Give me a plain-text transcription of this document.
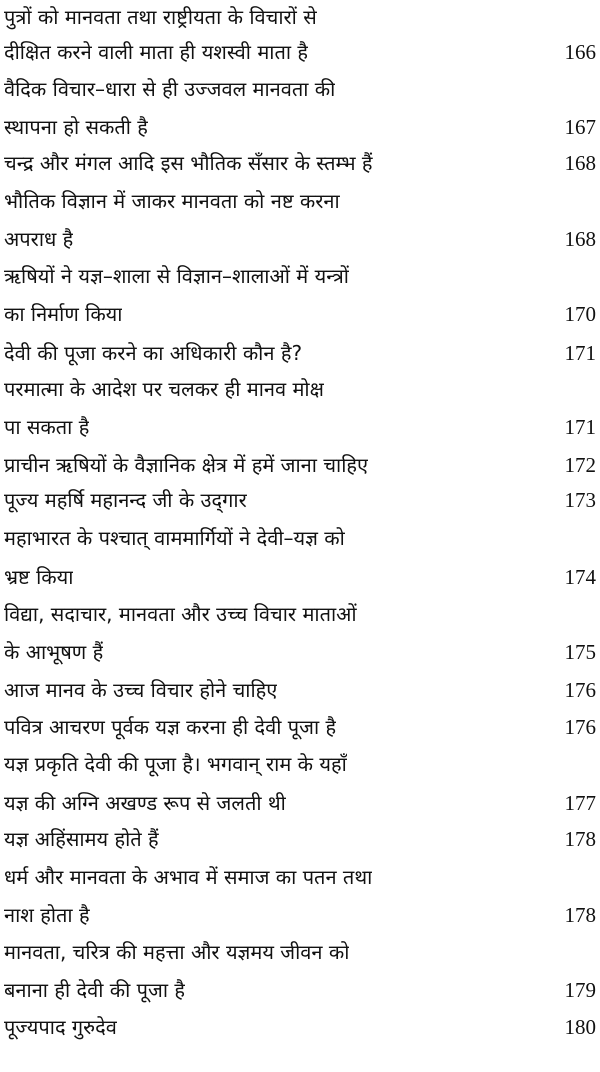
पुत्रों को मानवता तथा राष्ट्रीयता के विचारों से
दीक्षित करने वाली माता ही यशस्वी माता है	166
वैदिक विचार–धारा से ही उज्जवल मानवता की
स्थापना हो सकती है	167
चन्द्र और मंगल आदि इस भौतिक सँसार के स्तम्भ हैं	168
भौतिक विज्ञान में जाकर मानवता को नष्ट करना
अपराध है	168
ऋषियों ने यज्ञ–शाला से विज्ञान–शालाओं में यन्त्रों
का निर्माण किया	170
देवी की पूजा करने का अधिकारी कौन है?	171
परमात्मा के आदेश पर चलकर ही मानव मोक्ष
पा सकता है	171
प्राचीन ऋषियों के वैज्ञानिक क्षेत्र में हमें जाना चाहिए	172
पूज्य महर्षि महानन्द जी के उद्‌गार	173
महाभारत के पश्चात् वाममार्गियों ने देवी–यज्ञ को
भ्रष्ट किया	174
विद्या, सदाचार, मानवता और उच्च विचार माताओं
के आभूषण हैं	175
आज मानव के उच्च विचार होने चाहिए	176
पवित्र आचरण पूर्वक यज्ञ करना ही देवी पूजा है	176
यज्ञ प्रकृति देवी की पूजा है। भगवान् राम के यहाँ
यज्ञ की अग्नि अखण्ड रूप से जलती थी	177
यज्ञ अहिंसामय होते हैं	178
धर्म और मानवता के अभाव में समाज का पतन तथा
नाश होता है	178
मानवता, चरित्र की महत्ता और यज्ञमय जीवन को
बनाना ही देवी की पूजा है	179
पूज्यपाद गुरुदेव	180
